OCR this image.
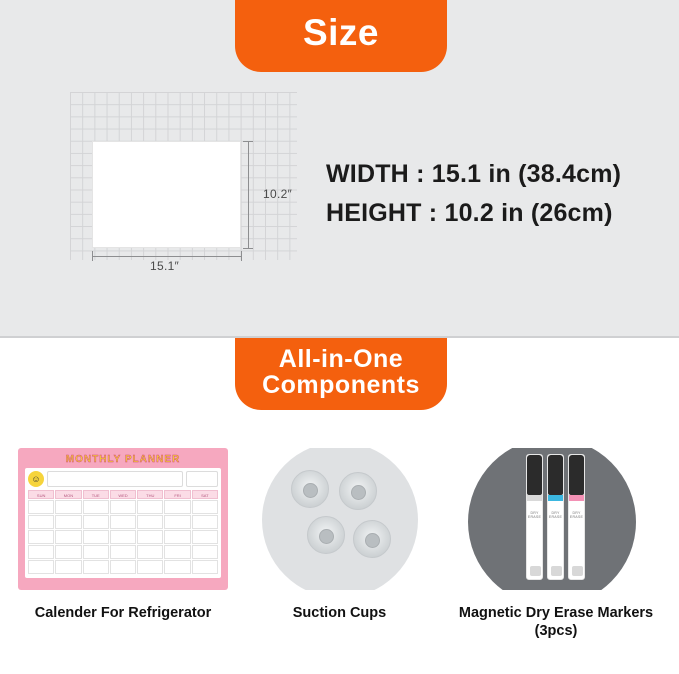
Size
15.1″
10.2″
WIDTH : 15.1 in (38.4cm)
HEIGHT : 10.2 in (26cm)
All-in-One
Components
MONTHLY PLANNER
☺
SUN	MON	TUE	WED	THU	FRI	SAT
Calender For Refrigerator	Suction Cups
DRY ERASE
DRY ERASE
DRY ERASE
Magnetic Dry Erase Markers (3pcs)
